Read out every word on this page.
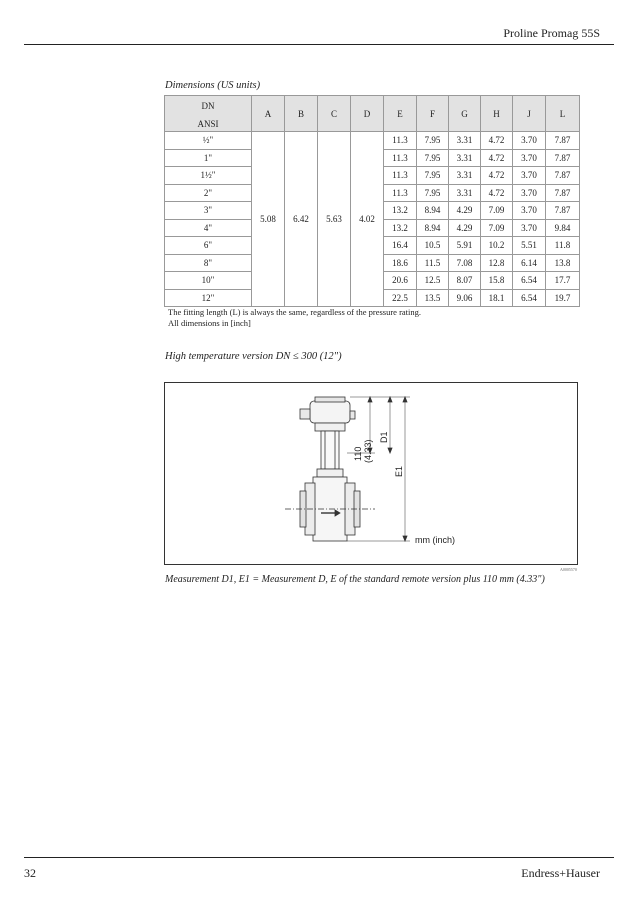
Proline Promag 55S
Dimensions (US units)
DN	A	B	C	D	E	F	G	H	J	L
ANSI										
½"	5.08	6.42	5.63	4.02	11.3	7.95	3.31	4.72	3.70	7.87
1"					11.3	7.95	3.31	4.72	3.70	7.87
1½"					11.3	7.95	3.31	4.72	3.70	7.87
2"					11.3	7.95	3.31	4.72	3.70	7.87
3"					13.2	8.94	4.29	7.09	3.70	7.87
4"					13.2	8.94	4.29	7.09	3.70	9.84
6"					16.4	10.5	5.91	10.2	5.51	11.8
8"					18.6	11.5	7.08	12.8	6.14	13.8
10"					20.6	12.5	8.07	15.8	6.54	17.7
12"					22.5	13.5	9.06	18.1	6.54	19.7
The fitting length (L) is always the same, regardless of the pressure rating.
All dimensions in [inch]
High temperature version DN ≤ 300 (12")
110 (4.33)
D1
E1
mm (inch)
A0005570
Measurement D1, E1 = Measurement D, E of the standard remote version plus 110 mm (4.33")
32	Endress+Hauser
